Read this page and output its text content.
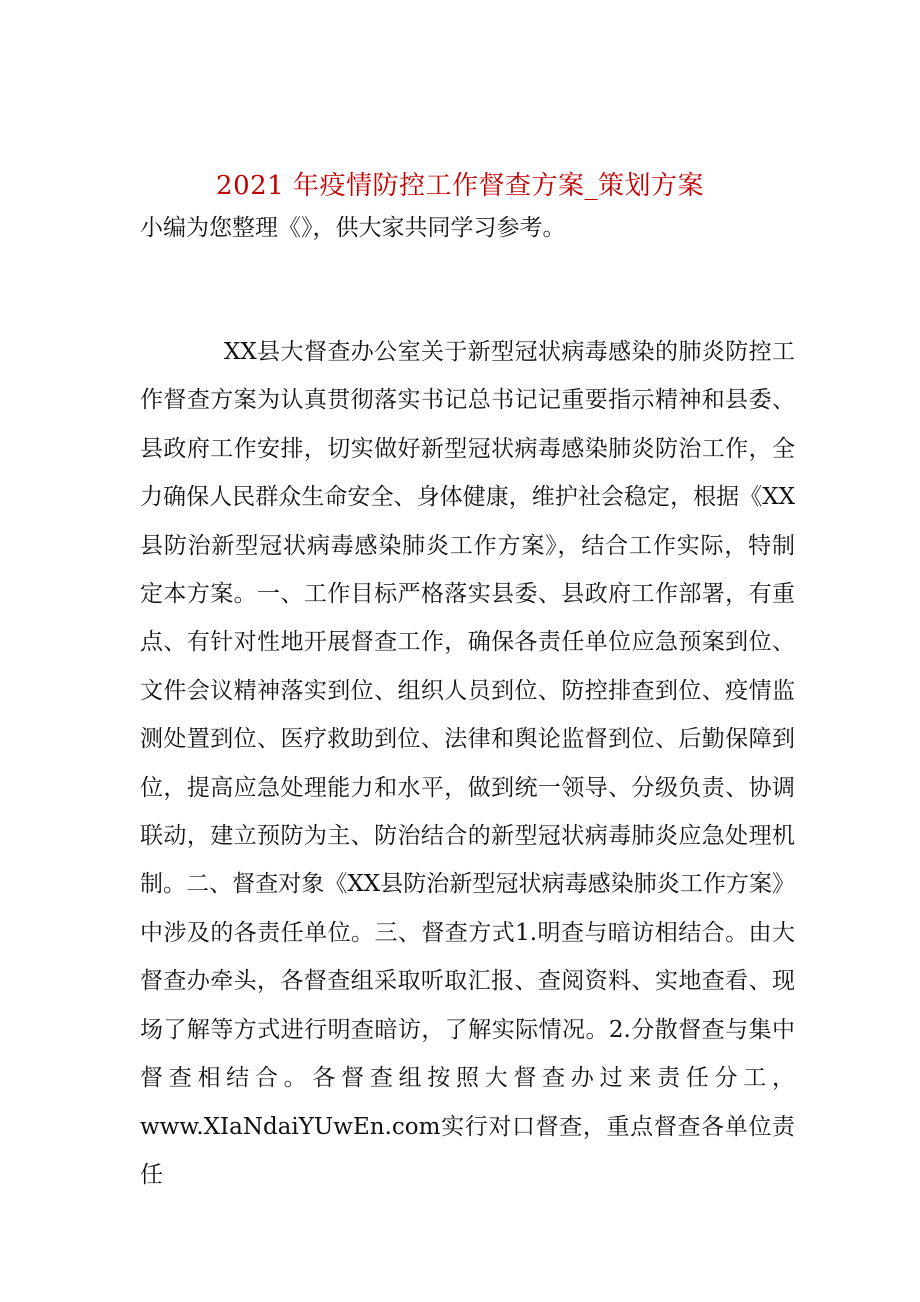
2021 年疫情防控工作督查方案_策划方案

小编为您整理《》，供大家共同学习参考。

XX县大督查办公室关于新型冠状病毒感染的肺炎防控工作督查方案为认真贯彻落实书记总书记记重要指示精神和县委、县政府工作安排，切实做好新型冠状病毒感染肺炎防治工作，全力确保人民群众生命安全、身体健康，维护社会稳定，根据《XX县防治新型冠状病毒感染肺炎工作方案》，结合工作实际，特制定本方案。一、工作目标严格落实县委、县政府工作部署，有重点、有针对性地开展督查工作，确保各责任单位应急预案到位、文件会议精神落实到位、组织人员到位、防控排查到位、疫情监测处置到位、医疗救助到位、法律和舆论监督到位、后勤保障到位，提高应急处理能力和水平，做到统一领导、分级负责、协调联动，建立预防为主、防治结合的新型冠状病毒肺炎应急处理机制。二、督查对象《XX县防治新型冠状病毒感染肺炎工作方案》中涉及的各责任单位。三、督查方式1.明查与暗访相结合。由大督查办牵头，各督查组采取听取汇报、查阅资料、实地查看、现场了解等方式进行明查暗访，了解实际情况。2.分散督查与集中督查相结合。各督查组按照大督查办过来责任分工，www.XIaNdaiYUwEn.com实行对口督查，重点督查各单位责任
